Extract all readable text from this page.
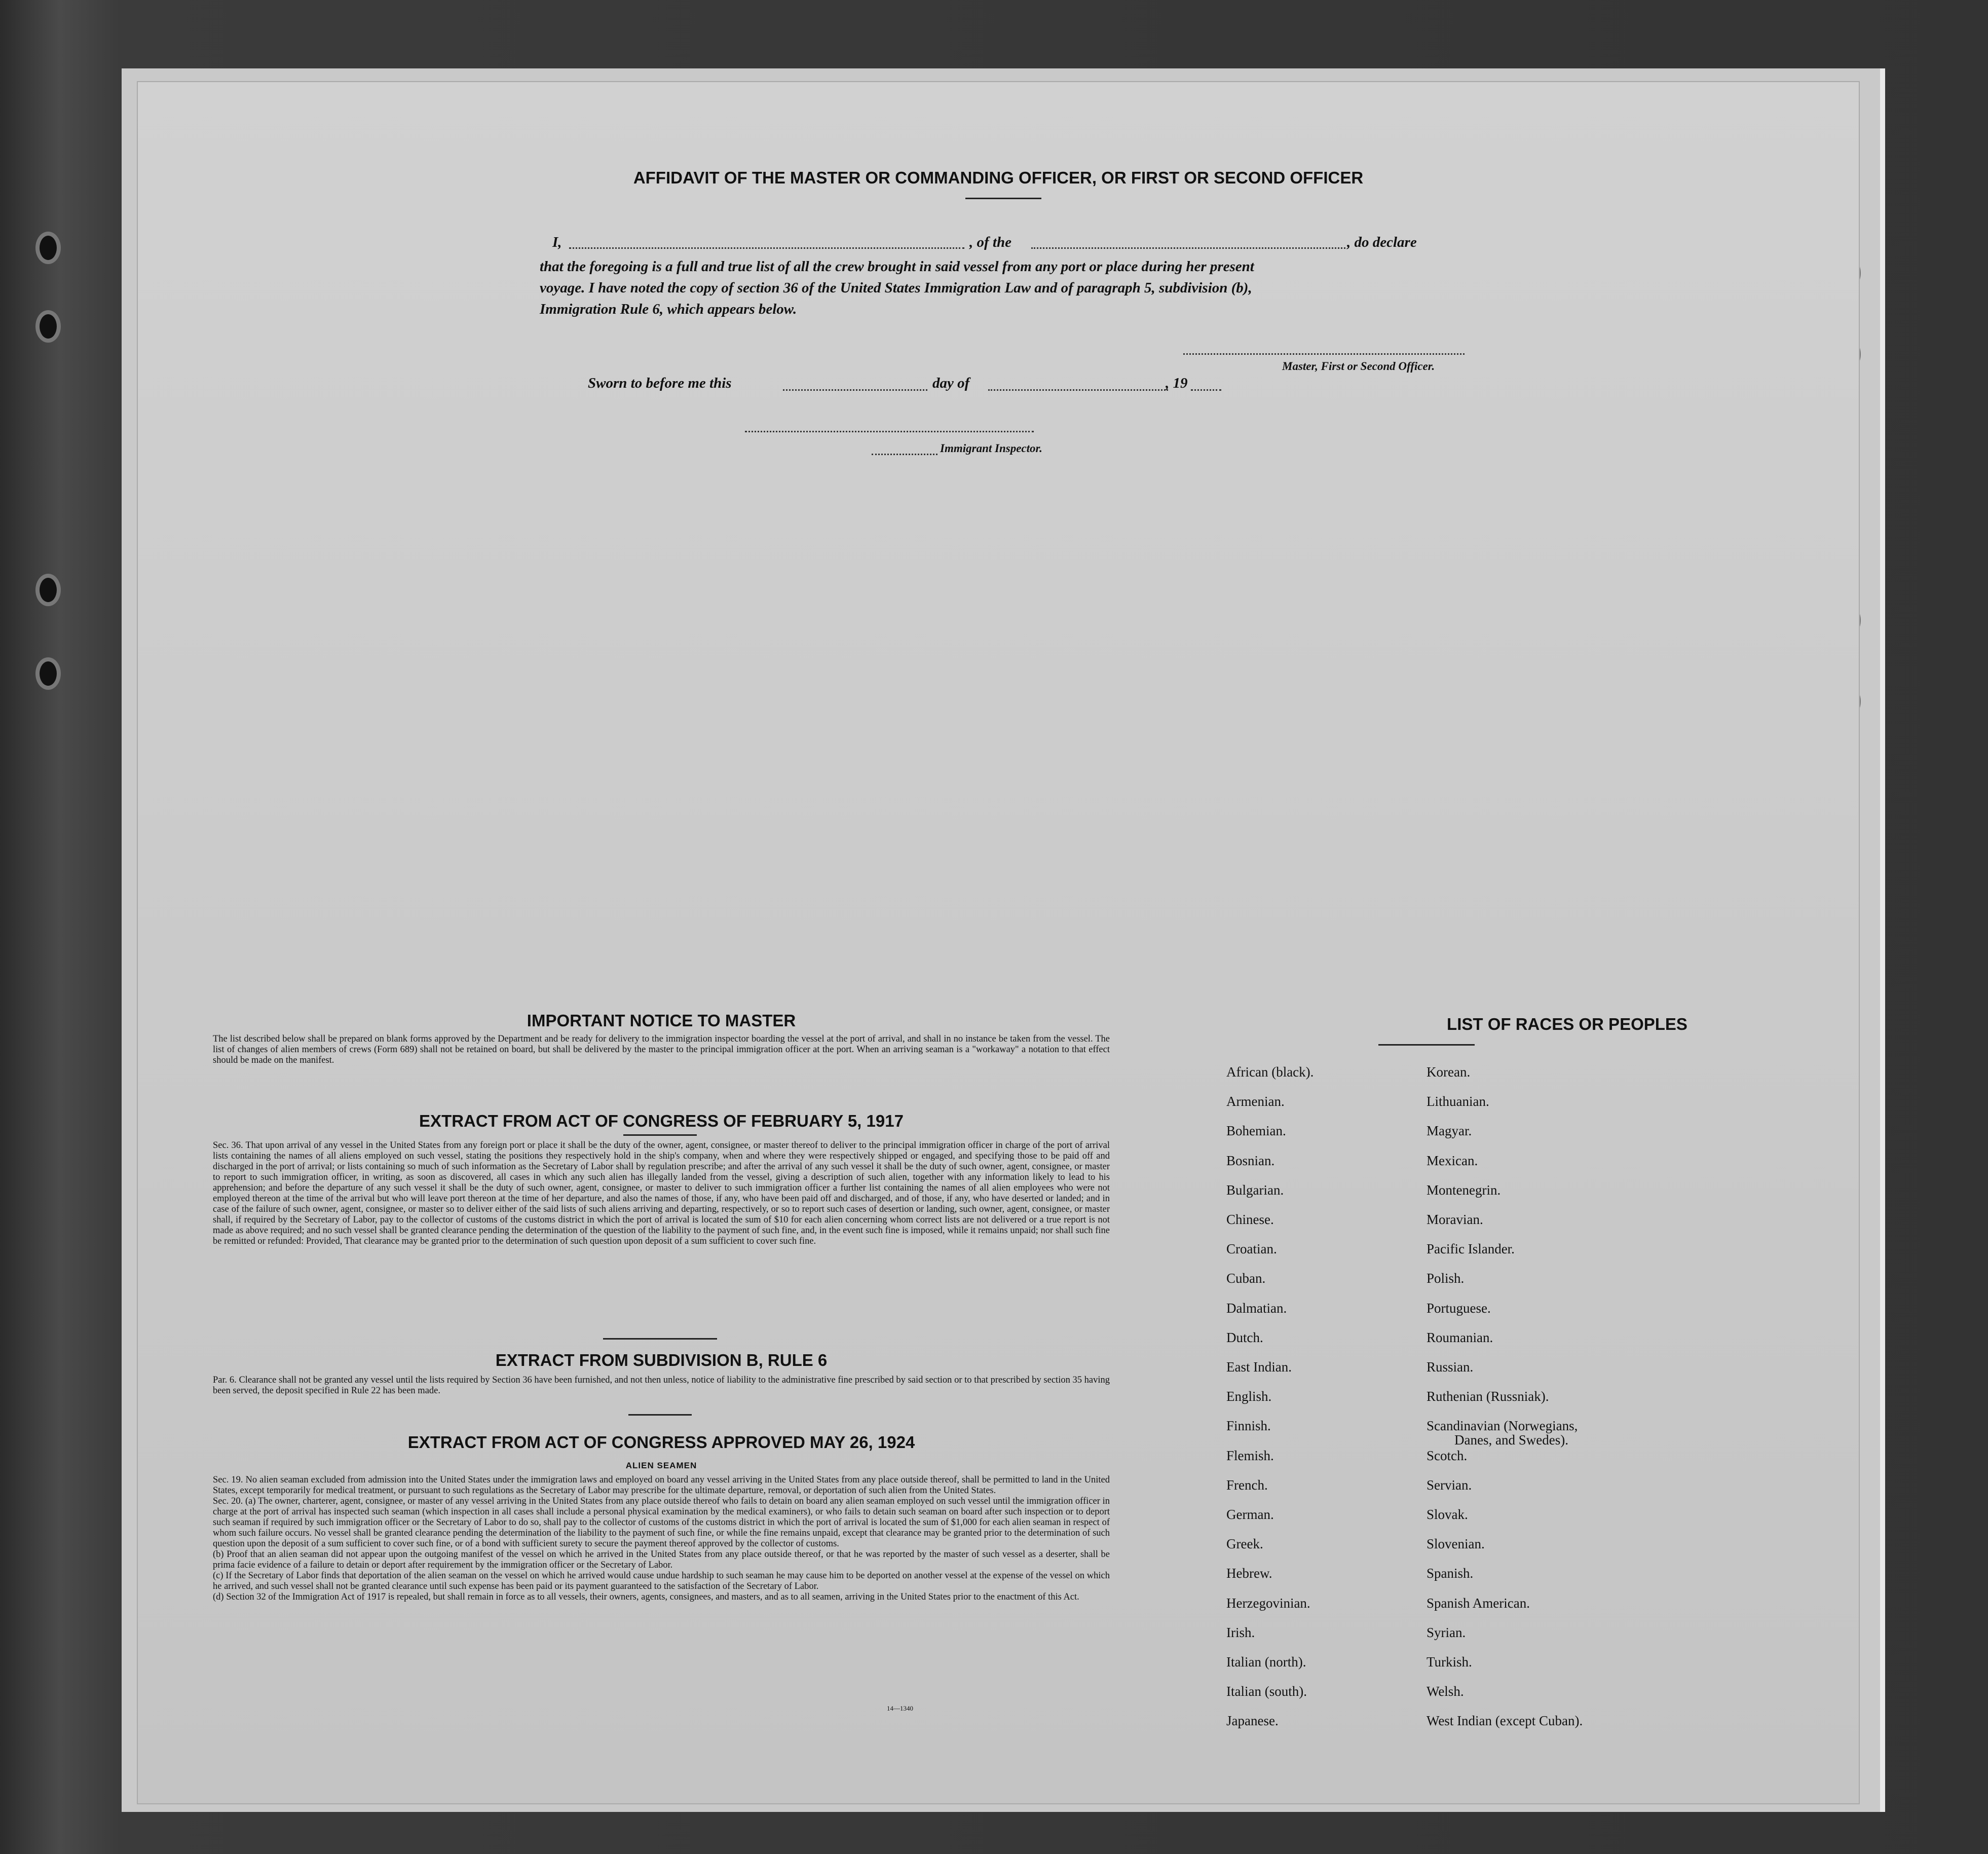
AFFIDAVIT OF THE MASTER OR COMMANDING OFFICER, OR FIRST OR SECOND OFFICER
I,	, of the	, do declare
that the foregoing is a full and true list of all the crew brought in said vessel from any port or place during her present
voyage. I have noted the copy of section 36 of the United States Immigration Law and of paragraph 5, subdivision (b),
Immigration Rule 6, which appears below.
Master, First or Second Officer.
Sworn to before me this	day of	, 19
Immigrant Inspector.
IMPORTANT NOTICE TO MASTER
The list described below shall be prepared on blank forms approved by the Department and be ready for delivery to the immigration inspector boarding the vessel at the port of arrival, and shall in no instance be taken from the vessel. The list of changes of alien members of crews (Form 689) shall not be retained on board, but shall be delivered by the master to the principal immigration officer at the port. When an arriving seaman is a "workaway" a notation to that effect should be made on the manifest.
EXTRACT FROM ACT OF CONGRESS OF FEBRUARY 5, 1917
Sec. 36. That upon arrival of any vessel in the United States from any foreign port or place it shall be the duty of the owner, agent, consignee, or master thereof to deliver to the principal immigration officer in charge of the port of arrival lists containing the names of all aliens employed on such vessel, stating the positions they respectively hold in the ship's company, when and where they were respectively shipped or engaged, and specifying those to be paid off and discharged in the port of arrival; or lists containing so much of such information as the Secretary of Labor shall by regulation prescribe; and after the arrival of any such vessel it shall be the duty of such owner, agent, consignee, or master to report to such immigration officer, in writing, as soon as discovered, all cases in which any such alien has illegally landed from the vessel, giving a description of such alien, together with any information likely to lead to his apprehension; and before the departure of any such vessel it shall be the duty of such owner, agent, consignee, or master to deliver to such immigration officer a further list containing the names of all alien employees who were not employed thereon at the time of the arrival but who will leave port thereon at the time of her departure, and also the names of those, if any, who have been paid off and discharged, and of those, if any, who have deserted or landed; and in case of the failure of such owner, agent, consignee, or master so to deliver either of the said lists of such aliens arriving and departing, respectively, or so to report such cases of desertion or landing, such owner, agent, consignee, or master shall, if required by the Secretary of Labor, pay to the collector of customs of the customs district in which the port of arrival is located the sum of $10 for each alien concerning whom correct lists are not delivered or a true report is not made as above required; and no such vessel shall be granted clearance pending the determination of the question of the liability to the payment of such fine, and, in the event such fine is imposed, while it remains unpaid; nor shall such fine be remitted or refunded: Provided, That clearance may be granted prior to the determination of such question upon deposit of a sum sufficient to cover such fine.
EXTRACT FROM SUBDIVISION B, RULE 6
Par. 6. Clearance shall not be granted any vessel until the lists required by Section 36 have been furnished, and not then unless, notice of liability to the administrative fine prescribed by said section or to that prescribed by section 35 having been served, the deposit specified in Rule 22 has been made.
EXTRACT FROM ACT OF CONGRESS APPROVED MAY 26, 1924
ALIEN SEAMEN
Sec. 19. No alien seaman excluded from admission into the United States under the immigration laws and employed on board any vessel arriving in the United States from any place outside thereof, shall be permitted to land in the United States, except temporarily for medical treatment, or pursuant to such regulations as the Secretary of Labor may prescribe for the ultimate departure, removal, or deportation of such alien from the United States.
Sec. 20. (a) The owner, charterer, agent, consignee, or master of any vessel arriving in the United States from any place outside thereof who fails to detain on board any alien seaman employed on such vessel until the immigration officer in charge at the port of arrival has inspected such seaman (which inspection in all cases shall include a personal physical examination by the medical examiners), or who fails to detain such seaman on board after such inspection or to deport such seaman if required by such immigration officer or the Secretary of Labor to do so, shall pay to the collector of customs of the customs district in which the port of arrival is located the sum of $1,000 for each alien seaman in respect of whom such failure occurs. No vessel shall be granted clearance pending the determination of the liability to the payment of such fine, or while the fine remains unpaid, except that clearance may be granted prior to the determination of such question upon the deposit of a sum sufficient to cover such fine, or of a bond with sufficient surety to secure the payment thereof approved by the collector of customs.
(b) Proof that an alien seaman did not appear upon the outgoing manifest of the vessel on which he arrived in the United States from any place outside thereof, or that he was reported by the master of such vessel as a deserter, shall be prima facie evidence of a failure to detain or deport after requirement by the immigration officer or the Secretary of Labor.
(c) If the Secretary of Labor finds that deportation of the alien seaman on the vessel on which he arrived would cause undue hardship to such seaman he may cause him to be deported on another vessel at the expense of the vessel on which he arrived, and such vessel shall not be granted clearance until such expense has been paid or its payment guaranteed to the satisfaction of the Secretary of Labor.
(d) Section 32 of the Immigration Act of 1917 is repealed, but shall remain in force as to all vessels, their owners, agents, consignees, and masters, and as to all seamen, arriving in the United States prior to the enactment of this Act.
14—1340
LIST OF RACES OR PEOPLES
African (black).
Armenian.
Bohemian.
Bosnian.
Bulgarian.
Chinese.
Croatian.
Cuban.
Dalmatian.
Dutch.
East Indian.
English.
Finnish.
Flemish.
French.
German.
Greek.
Hebrew.
Herzegovinian.
Irish.
Italian (north).
Italian (south).
Japanese.
Korean.
Lithuanian.
Magyar.
Mexican.
Montenegrin.
Moravian.
Pacific Islander.
Polish.
Portuguese.
Roumanian.
Russian.
Ruthenian (Russniak).
Scandinavian (Norwegians,
Danes, and Swedes).
Scotch.
Servian.
Slovak.
Slovenian.
Spanish.
Spanish American.
Syrian.
Turkish.
Welsh.
West Indian (except Cuban).
